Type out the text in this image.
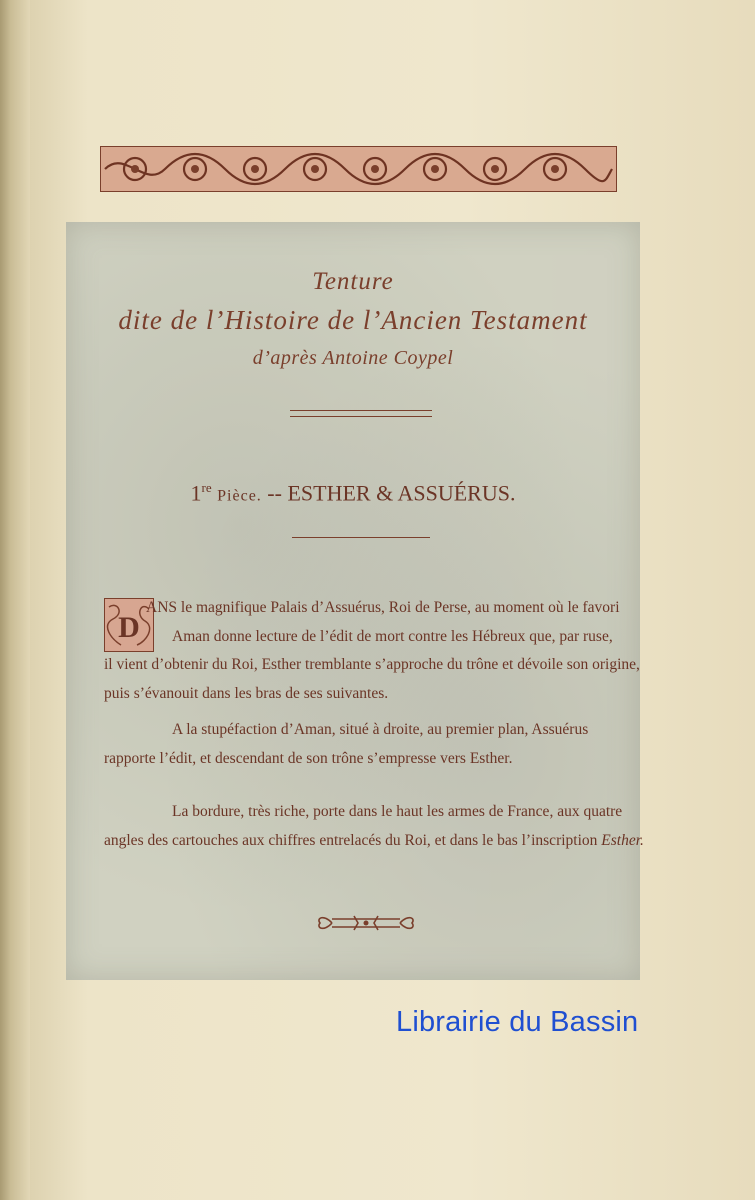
Tenture
dite de l’Histoire de l’Ancien Testament
d’après Antoine Coypel
1re Pièce. -- ESTHER & ASSUÉRUS.
D
ANS le magnifique Palais d’Assuérus, Roi de Perse, au moment où le favori
Aman donne lecture de l’édit de mort contre les Hébreux que, par ruse,
il vient d’obtenir du Roi, Esther tremblante s’approche du trône et dévoile son origine,
puis s’évanouit dans les bras de ses suivantes.
A la stupéfaction d’Aman, situé à droite, au premier plan, Assuérus
rapporte l’édit, et descendant de son trône s’empresse vers Esther.
La bordure, très riche, porte dans le haut les armes de France, aux quatre
angles des cartouches aux chiffres entrelacés du Roi, et dans le bas l’inscription Esther.
Librairie du Bassin
